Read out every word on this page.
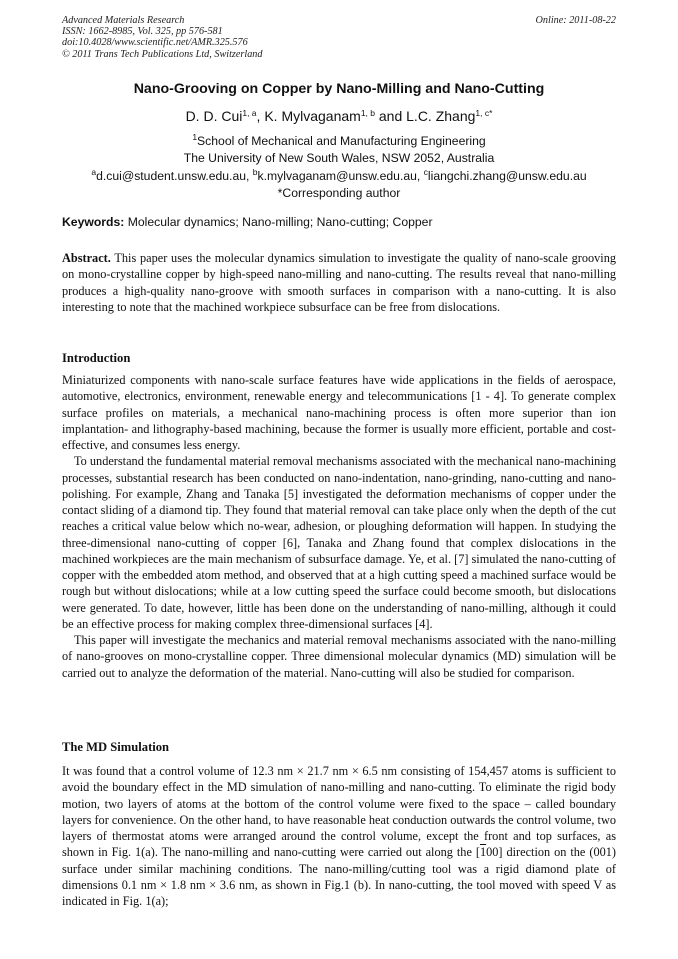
Advanced Materials Research
ISSN: 1662-8985, Vol. 325, pp 576-581
doi:10.4028/www.scientific.net/AMR.325.576
© 2011 Trans Tech Publications Ltd, Switzerland
Online: 2011-08-22
Nano-Grooving on Copper by Nano-Milling and Nano-Cutting
D. D. Cui$^{1, a}$, K. Mylvaganam$^{1, b}$ and L.C. Zhang$^{1, c*}$
$^1$School of Mechanical and Manufacturing Engineering
The University of New South Wales, NSW 2052, Australia
$^a$d.cui@student.unsw.edu.au, $^b$k.mylvaganam@unsw.edu.au, $^c$liangchi.zhang@unsw.edu.au
*Corresponding author
Keywords: Molecular dynamics; Nano-milling; Nano-cutting; Copper

Abstract. This paper uses the molecular dynamics simulation to investigate the quality of nano-scale grooving on mono-crystalline copper by high-speed nano-milling and nano-cutting. The results reveal that nano-milling produces a high-quality nano-groove with smooth surfaces in comparison with a nano-cutting. It is also interesting to note that the machined workpiece subsurface can be free from dislocations.

Introduction

Miniaturized components with nano-scale surface features have wide applications in the fields of aerospace, automotive, electronics, environment, renewable energy and telecommunications [1 - 4]. To generate complex surface profiles on materials, a mechanical nano-machining process is often more superior than ion implantation- and lithography-based machining, because the former is usually more efficient, portable and cost-effective, and consumes less energy.

To understand the fundamental material removal mechanisms associated with the mechanical nano-machining processes, substantial research has been conducted on nano-indentation, nano-grinding, nano-cutting and nano-polishing. For example, Zhang and Tanaka [5] investigated the deformation mechanisms of copper under the contact sliding of a diamond tip. They found that material removal can take place only when the depth of the cut reaches a critical value below which no-wear, adhesion, or ploughing deformation will happen. In studying the three-dimensional nano-cutting of copper [6], Tanaka and Zhang found that complex dislocations in the machined workpieces are the main mechanism of subsurface damage. Ye, et al. [7] simulated the nano-cutting of copper with the embedded atom method, and observed that at a high cutting speed a machined surface would be rough but without dislocations; while at a low cutting speed the surface could become smooth, but dislocations were generated. To date, however, little has been done on the understanding of nano-milling, although it could be an effective process for making complex three-dimensional surfaces [4].

This paper will investigate the mechanics and material removal mechanisms associated with the nano-milling of nano-grooves on mono-crystalline copper. Three dimensional molecular dynamics (MD) simulation will be carried out to analyze the deformation of the material. Nano-cutting will also be studied for comparison.

The MD Simulation

It was found that a control volume of 12.3 nm × 21.7 nm × 6.5 nm consisting of 154,457 atoms is sufficient to avoid the boundary effect in the MD simulation of nano-milling and nano-cutting. To eliminate the rigid body motion, two layers of atoms at the bottom of the control volume were fixed to the space – called boundary layers for convenience. On the other hand, to have reasonable heat conduction outwards the control volume, two layers of thermostat atoms were arranged around the control volume, except the front and top surfaces, as shown in Fig. 1(a). The nano-milling and nano-cutting were carried out along the [100] direction on the (001) surface under similar machining conditions. The nano-milling/cutting tool was a rigid diamond plate of dimensions 0.1 nm × 1.8 nm × 3.6 nm, as shown in Fig.1 (b). In nano-cutting, the tool moved with speed V as indicated in Fig. 1(a);
